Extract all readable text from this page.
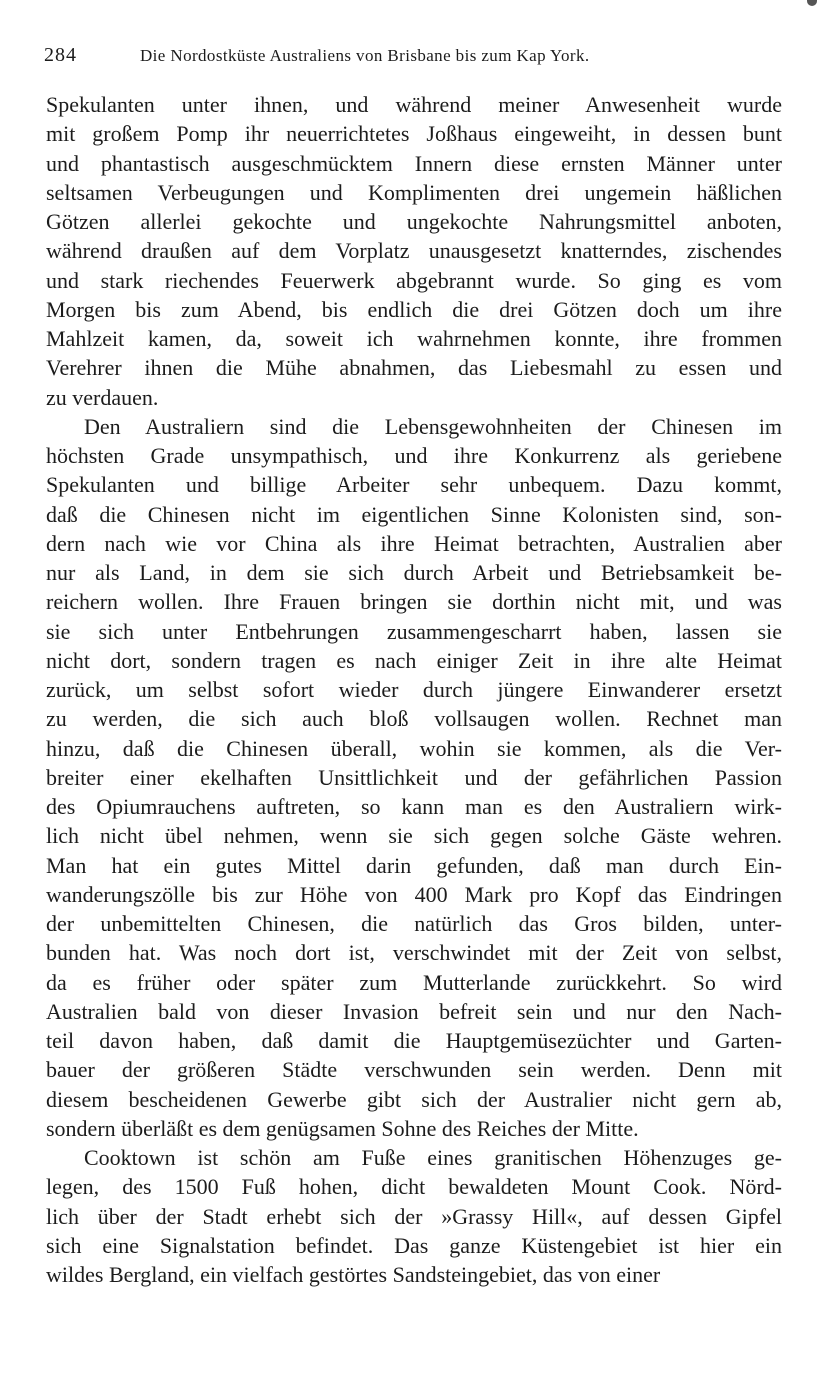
284	Die Nordostküste Australiens von Brisbane bis zum Kap York.
Spekulanten unter ihnen, und während meiner Anwesenheit wurde
mit großem Pomp ihr neuerrichtetes Joßhaus eingeweiht, in dessen bunt
und phantastisch ausgeschmücktem Innern diese ernsten Männer unter
seltsamen Verbeugungen und Komplimenten drei ungemein häßlichen
Götzen allerlei gekochte und ungekochte Nahrungsmittel anboten,
während draußen auf dem Vorplatz unausgesetzt knatterndes, zischendes
und stark riechendes Feuerwerk abgebrannt wurde. So ging es vom
Morgen bis zum Abend, bis endlich die drei Götzen doch um ihre
Mahlzeit kamen, da, soweit ich wahrnehmen konnte, ihre frommen
Verehrer ihnen die Mühe abnahmen, das Liebesmahl zu essen und
zu verdauen.
Den Australiern sind die Lebensgewohnheiten der Chinesen im
höchsten Grade unsympathisch, und ihre Konkurrenz als geriebene
Spekulanten und billige Arbeiter sehr unbequem. Dazu kommt,
daß die Chinesen nicht im eigentlichen Sinne Kolonisten sind, son-
dern nach wie vor China als ihre Heimat betrachten, Australien aber
nur als Land, in dem sie sich durch Arbeit und Betriebsamkeit be-
reichern wollen. Ihre Frauen bringen sie dorthin nicht mit, und was
sie sich unter Entbehrungen zusammengescharrt haben, lassen sie
nicht dort, sondern tragen es nach einiger Zeit in ihre alte Heimat
zurück, um selbst sofort wieder durch jüngere Einwanderer ersetzt
zu werden, die sich auch bloß vollsaugen wollen. Rechnet man
hinzu, daß die Chinesen überall, wohin sie kommen, als die Ver-
breiter einer ekelhaften Unsittlichkeit und der gefährlichen Passion
des Opiumrauchens auftreten, so kann man es den Australiern wirk-
lich nicht übel nehmen, wenn sie sich gegen solche Gäste wehren.
Man hat ein gutes Mittel darin gefunden, daß man durch Ein-
wanderungszölle bis zur Höhe von 400 Mark pro Kopf das Eindringen
der unbemittelten Chinesen, die natürlich das Gros bilden, unter-
bunden hat. Was noch dort ist, verschwindet mit der Zeit von selbst,
da es früher oder später zum Mutterlande zurückkehrt. So wird
Australien bald von dieser Invasion befreit sein und nur den Nach-
teil davon haben, daß damit die Hauptgemüsezüchter und Garten-
bauer der größeren Städte verschwunden sein werden. Denn mit
diesem bescheidenen Gewerbe gibt sich der Australier nicht gern ab,
sondern überläßt es dem genügsamen Sohne des Reiches der Mitte.
Cooktown ist schön am Fuße eines granitischen Höhenzuges ge-
legen, des 1500 Fuß hohen, dicht bewaldeten Mount Cook. Nörd-
lich über der Stadt erhebt sich der »Grassy Hill«, auf dessen Gipfel
sich eine Signalstation befindet. Das ganze Küstengebiet ist hier ein
wildes Bergland, ein vielfach gestörtes Sandsteingebiet, das von einer
